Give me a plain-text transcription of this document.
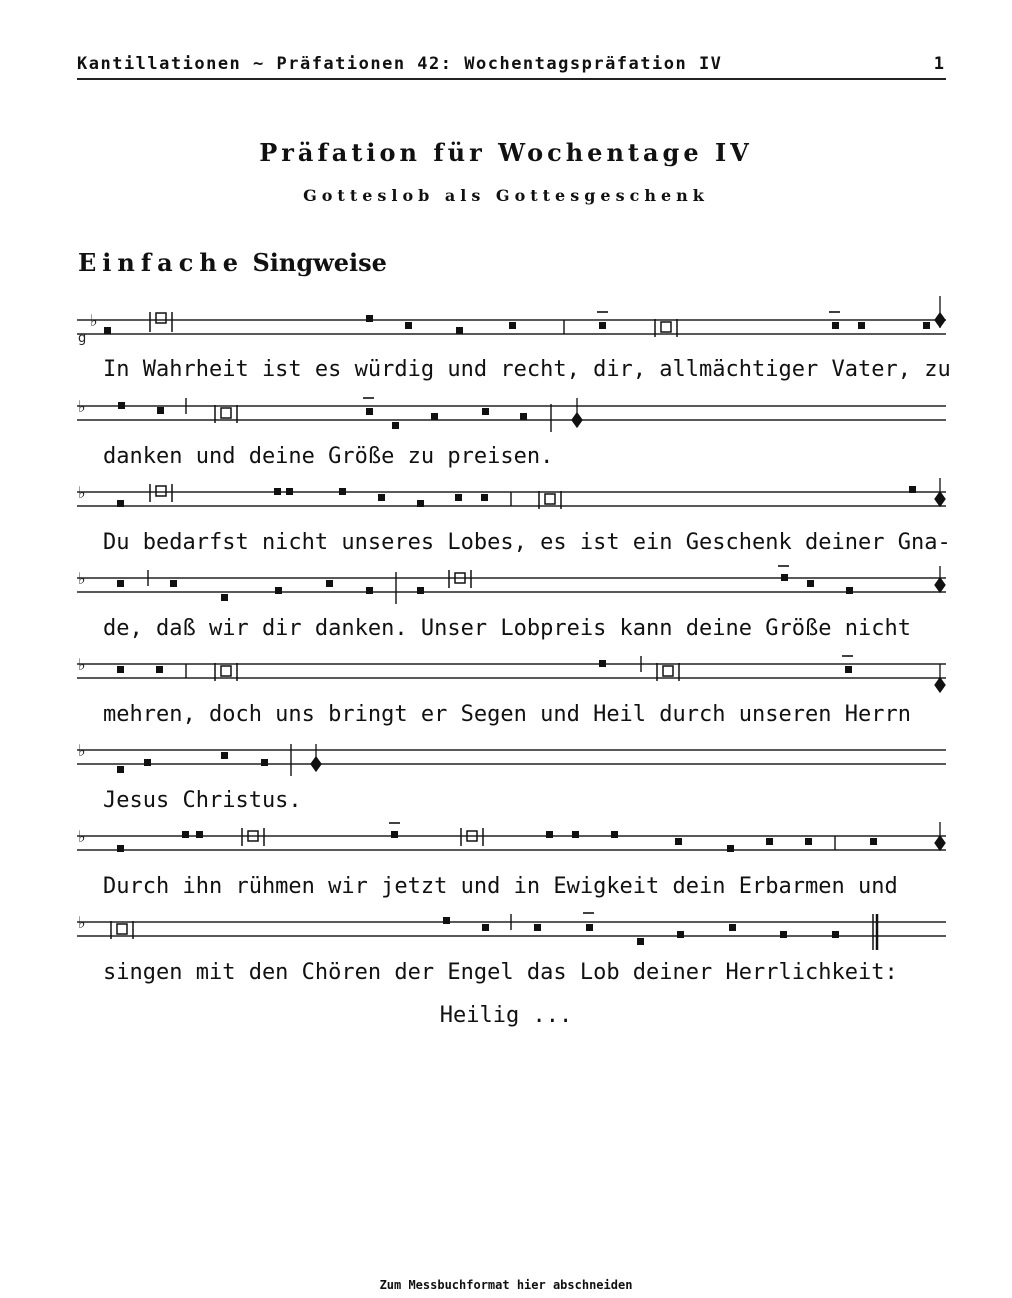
Kantillationen ~ Präfationen 42: Wochentagspräfation IV	1
Präfation für Wochentage IV
Gotteslob als Gottesgeschenk
Einfache Singweise
♭
g
♭
♭
♭
♭
♭
♭
♭
In Wahrheit ist es würdig und recht, dir, allmächtiger Vater, zu
danken und deine Größe zu preisen.
Du bedarfst nicht unseres Lobes, es ist ein Geschenk deiner Gna-
de, daß wir dir danken. Unser Lobpreis kann deine Größe nicht
mehren, doch uns bringt er Segen und Heil durch unseren Herrn
Jesus Christus.
Durch ihn rühmen wir jetzt und in Ewigkeit dein Erbarmen und
singen mit den Chören der Engel das Lob deiner Herrlichkeit:
Heilig ...
Zum Messbuchformat hier abschneiden
